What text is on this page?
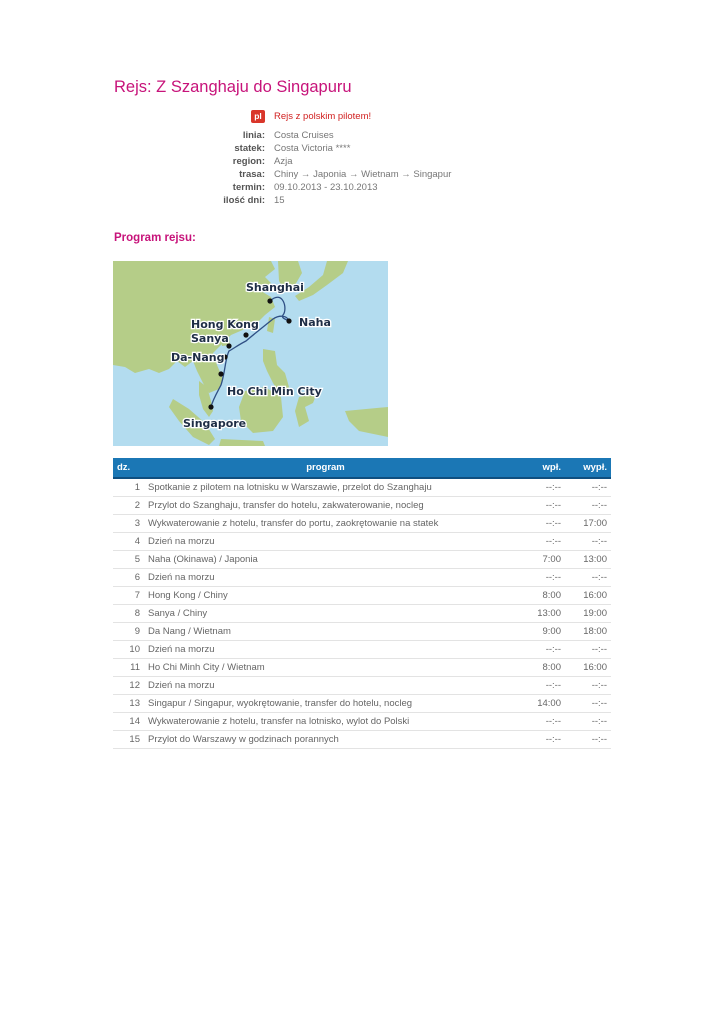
Rejs: Z Szanghaju do Singapuru
pl	Rejs z polskim pilotem!
linia:	Costa Cruises
statek:	Costa Victoria ****
region:	Azja
trasa:	Chiny → Japonia → Wietnam → Singapur
termin:	09.10.2013 - 23.10.2013
ilość dni:	15
Program rejsu:
Shanghai
Naha
Hong Kong
Sanya
Da-Nang
Ho Chi Min City
Singapore
dz.	program	wpł.	wypł.
1	Spotkanie z pilotem na lotnisku w Warszawie, przelot do Szanghaju	--:--	--:--
2	Przylot do Szanghaju, transfer do hotelu, zakwaterowanie, nocleg	--:--	--:--
3	Wykwaterowanie z hotelu, transfer do portu, zaokrętowanie na statek	--:--	17:00
4	Dzień na morzu	--:--	--:--
5	Naha (Okinawa) / Japonia	7:00	13:00
6	Dzień na morzu	--:--	--:--
7	Hong Kong / Chiny	8:00	16:00
8	Sanya / Chiny	13:00	19:00
9	Da Nang / Wietnam	9:00	18:00
10	Dzień na morzu	--:--	--:--
11	Ho Chi Minh City / Wietnam	8:00	16:00
12	Dzień na morzu	--:--	--:--
13	Singapur / Singapur, wyokrętowanie, transfer do hotelu, nocleg	14:00	--:--
14	Wykwaterowanie z hotelu, transfer na lotnisko, wylot do Polski	--:--	--:--
15	Przylot do Warszawy w godzinach porannych	--:--	--:--
